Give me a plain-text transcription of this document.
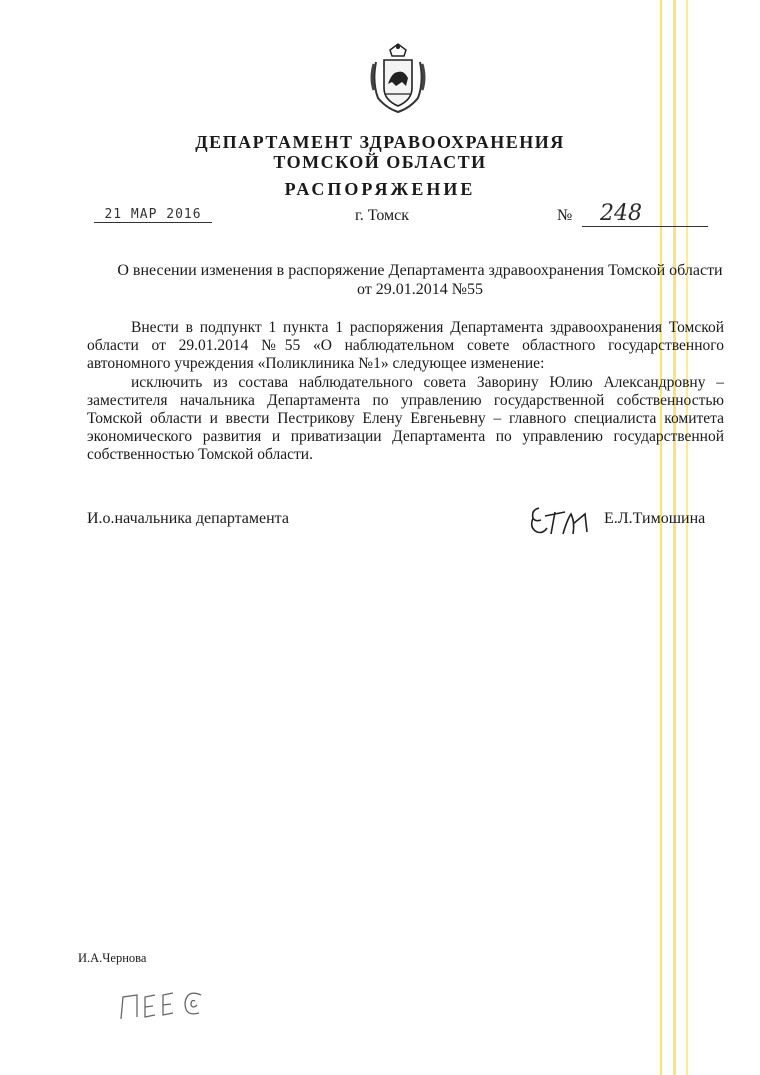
ДЕПАРТАМЕНТ ЗДРАВООХРАНЕНИЯ
ТОМСКОЙ ОБЛАСТИ
РАСПОРЯЖЕНИЕ
21 MAP 2016	г. Томск	№ 248
О внесении изменения в распоряжение Департамента здравоохранения Томской области
от 29.01.2014 №55

Внести в подпункт 1 пункта 1 распоряжения Департамента здравоохранения Томской области от 29.01.2014 №55 «О наблюдательном совете областного государственного автономного учреждения «Поликлиника №1» следующее изменение:

исключить из состава наблюдательного совета Заворину Юлию Александровну – заместителя начальника Департамента по управлению государственной собственностью Томской области и ввести Пестрикову Елену Евгеньевну – главного специалиста комитета экономического развития и приватизации Департамента по управлению государственной собственностью Томской области.

И.о.начальника департамента	Е.Л.Тимошина
И.А.Чернова
